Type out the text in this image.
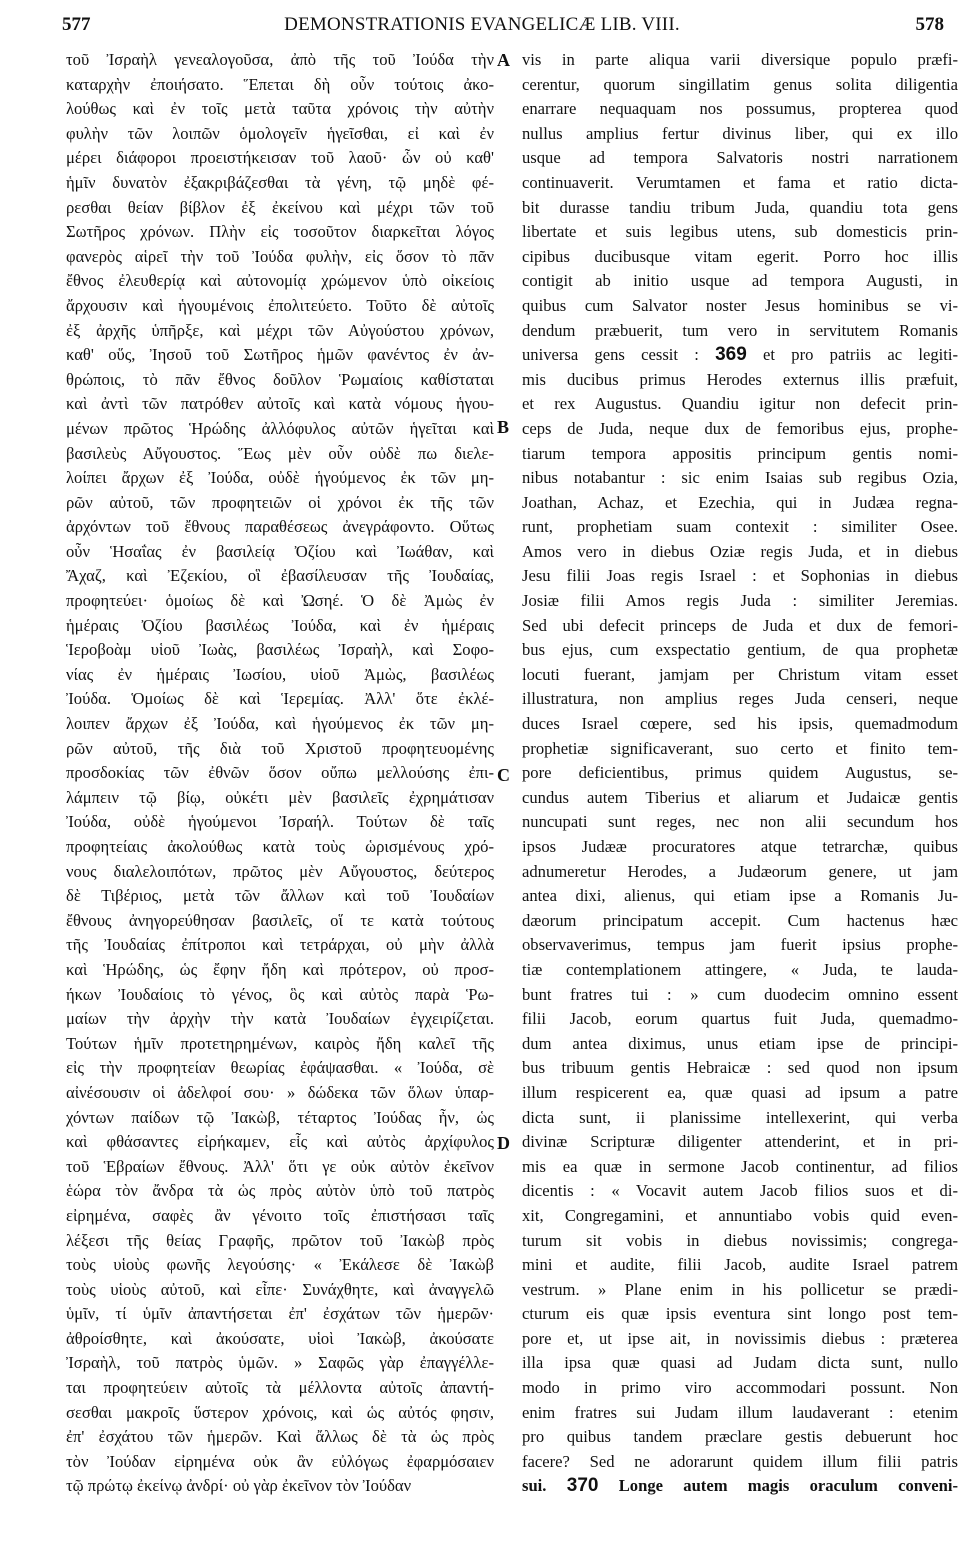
577	DEMONSTRATIONIS EVANGELICÆ LIB. VIII.	578
τοῦ Ἰσραὴλ γενεαλογοῦσα, ἀπὸ τῆς τοῦ Ἰούδα τὴν
καταρχὴν ἐποιήσατο. Ἕπεται δὴ οὖν τούτοις ἀκο-
λούθως καὶ ἐν τοῖς μετὰ ταῦτα χρόνοις τὴν αὐτὴν
φυλὴν τῶν λοιπῶν ὁμολογεῖν ἡγεῖσθαι, εἰ καὶ ἐν
μέρει διάφοροι προειστήκεισαν τοῦ λαοῦ· ὧν οὐ καθ'
ἡμῖν δυνατὸν ἐξακριβάζεσθαι τὰ γένη, τῷ μηδὲ φέ-
ρεσθαι θείαν βίβλον ἐξ ἐκείνου καὶ μέχρι τῶν τοῦ
Σωτῆρος χρόνων. Πλὴν εἰς τοσοῦτον διαρκεῖται λόγος
φανερὸς αἱρεῖ τὴν τοῦ Ἰούδα φυλὴν, εἰς ὅσον τὸ πᾶν
ἔθνος ἐλευθερίᾳ καὶ αὐτονομίᾳ χρώμενον ὑπὸ οἰκείοις
ἄρχουσιν καὶ ἡγουμένοις ἐπολιτεύετο. Τοῦτο δὲ αὐτοῖς
ἐξ ἀρχῆς ὑπῆρξε, καὶ μέχρι τῶν Αὐγούστου χρόνων,
καθ' οὕς, Ἰησοῦ τοῦ Σωτῆρος ἡμῶν φανέντος ἐν ἀν-
θρώποις, τὸ πᾶν ἔθνος δοῦλον Ῥωμαίοις καθίσταται
καὶ ἀντὶ τῶν πατρόθεν αὐτοῖς καὶ κατὰ νόμους ἡγου-
μένων πρῶτος Ἡρώδης ἀλλόφυλος αὐτῶν ἡγεῖται καὶ
βασιλεὺς Αὔγουστος. Ἕως μὲν οὖν οὐδὲ πω διελε-
λοίπει ἄρχων ἐξ Ἰούδα, οὐδὲ ἡγούμενος ἐκ τῶν μη-
ρῶν αὐτοῦ, τῶν προφητειῶν οἱ χρόνοι ἐκ τῆς τῶν
ἀρχόντων τοῦ ἔθνους παραθέσεως ἀνεγράφοντο. Οὕτως
οὖν Ἡσαΐας ἐν βασιλείᾳ Ὀζίου καὶ Ἰωάθαν, καὶ
Ἄχαζ, καὶ Ἐζεκίου, οἳ ἐβασίλευσαν τῆς Ἰουδαίας,
προφητεύει· ὁμοίως δὲ καὶ Ὠσηέ. Ὁ δὲ Ἀμὼς ἐν
ἡμέραις Ὀζίου βασιλέως Ἰούδα, καὶ ἐν ἡμέραις
Ἱεροβοὰμ υἱοῦ Ἰωὰς, βασιλέως Ἰσραὴλ, καὶ Σοφο-
νίας ἐν ἡμέραις Ἰωσίου, υἱοῦ Ἀμὼς, βασιλέως
Ἰούδα. Ὁμοίως δὲ καὶ Ἱερεμίας. Ἀλλ' ὅτε ἐκλέ-
λοιπεν ἄρχων ἐξ Ἰούδα, καὶ ἡγούμενος ἐκ τῶν μη-
ρῶν αὐτοῦ, τῆς διὰ τοῦ Χριστοῦ προφητευομένης
προσδοκίας τῶν ἐθνῶν ὅσον οὔπω μελλούσης ἐπι-
λάμπειν τῷ βίῳ, οὐκέτι μὲν βασιλεῖς ἐχρημάτισαν
Ἰούδα, οὐδὲ ἡγούμενοι Ἰσραήλ. Τούτων δὲ ταῖς
προφητείαις ἀκολούθως κατὰ τοὺς ὡρισμένους χρό-
νους διαλελοιπότων, πρῶτος μὲν Αὔγουστος, δεύτερος
δὲ Τιβέριος, μετὰ τῶν ἄλλων καὶ τοῦ Ἰουδαίων
ἔθνους ἀνηγορεύθησαν βασιλεῖς, οἵ τε κατὰ τούτους
τῆς Ἰουδαίας ἐπίτροποι καὶ τετράρχαι, οὐ μὴν ἀλλὰ
καὶ Ἡρώδης, ὡς ἔφην ἤδη καὶ πρότερον, οὐ προσ-
ήκων Ἰουδαίοις τὸ γένος, ὃς καὶ αὐτὸς παρὰ Ῥω-
μαίων τὴν ἀρχὴν τὴν κατὰ Ἰουδαίων ἐγχειρίζεται.
Τούτων ἡμῖν προτετηρημένων, καιρὸς ἤδη καλεῖ τῆς
εἰς τὴν προφητείαν θεωρίας ἐφάψασθαι. « Ἰούδα, σὲ
αἰνέσουσιν οἱ ἀδελφοί σου· » δώδεκα τῶν ὅλων ὑπαρ-
χόντων παίδων τῷ Ἰακὼβ, τέταρτος Ἰούδας ἦν, ὡς
καὶ φθάσαντες εἰρήκαμεν, εἷς καὶ αὐτὸς ἀρχίφυλος
τοῦ Ἑβραίων ἔθνους. Ἀλλ' ὅτι γε οὐκ αὐτὸν ἐκεῖνον
ἑώρα τὸν ἄνδρα τὰ ὡς πρὸς αὐτὸν ὑπὸ τοῦ πατρὸς
εἰρημένα, σαφὲς ἂν γένοιτο τοῖς ἐπιστήσασι ταῖς
λέξεσι τῆς θείας Γραφῆς, πρῶτον τοῦ Ἰακὼβ πρὸς
τοὺς υἱοὺς φωνῆς λεγούσης· « Ἐκάλεσε δὲ Ἰακὼβ
τοὺς υἱοὺς αὐτοῦ, καὶ εἶπε· Συνάχθητε, καὶ ἀναγγελῶ
ὑμῖν, τί ὑμῖν ἀπαντήσεται ἐπ' ἐσχάτων τῶν ἡμερῶν·
ἀθροίσθητε, καὶ ἀκούσατε, υἱοὶ Ἰακὼβ, ἀκούσατε
Ἰσραὴλ, τοῦ πατρὸς ὑμῶν. » Σαφῶς γὰρ ἐπαγγέλλε-
ται προφητεύειν αὐτοῖς τὰ μέλλοντα αὐτοῖς ἀπαντή-
σεσθαι μακροῖς ὕστερον χρόνοις, καὶ ὡς αὐτός φησιν,
ἐπ' ἐσχάτου τῶν ἡμερῶν. Καὶ ἄλλως δὲ τὰ ὡς πρὸς
τὸν Ἰούδαν εἰρημένα οὐκ ἂν εὐλόγως ἐφαρμόσαιεν
τῷ πρώτῳ ἐκείνῳ ἀνδρί· οὐ γὰρ ἐκεῖνον τὸν Ἰούδαν
vis in parte aliqua varii diversique populo præfi-
cerentur, quorum singillatim genus solita diligentia
enarrare nequaquam nos possumus, propterea quod
nullus amplius fertur divinus liber, qui ex illo
usque ad tempora Salvatoris nostri narrationem
continuaverit. Verumtamen et fama et ratio dicta-
bit durasse tandiu tribum Juda, quandiu tota gens
libertate et suis legibus utens, sub domesticis prin-
cipibus ducibusque vitam egerit. Porro hoc illis
contigit ab initio usque ad tempora Augusti, in
quibus cum Salvator noster Jesus hominibus se vi-
dendum præbuerit, tum vero in servitutem Romanis
universa gens cessit : 369 et pro patriis ac legiti-
mis ducibus primus Herodes externus illis præfuit,
et rex Augustus. Quandiu igitur non defecit prin-
ceps de Juda, neque dux de femoribus ejus, prophe-
tiarum tempora appositis principum gentis nomi-
nibus notabantur : sic enim Isaias sub regibus Ozia,
Joathan, Achaz, et Ezechia, qui in Judæa regna-
runt, prophetiam suam contexit : similiter Osee.
Amos vero in diebus Oziæ regis Juda, et in diebus
Jesu filii Joas regis Israel : et Sophonias in diebus
Josiæ filii Amos regis Juda : similiter Jeremias.
Sed ubi defecit princeps de Juda et dux de femori-
bus ejus, cum exspectatio gentium, de qua prophetæ
locuti fuerant, jamjam per Christum vitam esset
illustratura, non amplius reges Juda censeri, neque
duces Israel cœpere, sed his ipsis, quemadmodum
prophetiæ significaverant, suo certo et finito tem-
pore deficientibus, primus quidem Augustus, se-
cundus autem Tiberius et aliarum et Judaicæ gentis
nuncupati sunt reges, nec non alii secundum hos
ipsos Judææ procuratores atque tetrarchæ, quibus
adnumeretur Herodes, a Judæorum genere, ut jam
antea dixi, alienus, qui etiam ipse a Romanis Ju-
dæorum principatum accepit. Cum hactenus hæc
observaverimus, tempus jam fuerit ipsius prophe-
tiæ contemplationem attingere, « Juda, te lauda-
bunt fratres tui : » cum duodecim omnino essent
filii Jacob, eorum quartus fuit Juda, quemadmo-
dum antea diximus, unus etiam ipse de principi-
bus tribuum gentis Hebraicæ : sed quod non ipsum
illum respicerent ea, quæ quasi ad ipsum a patre
dicta sunt, ii planissime intellexerint, qui verba
divinæ Scripturæ diligenter attenderint, et in pri-
mis ea quæ in sermone Jacob continentur, ad filios
dicentis : « Vocavit autem Jacob filios suos et di-
xit, Congregamini, et annuntiabo vobis quid even-
turum sit vobis in diebus novissimis; congrega-
mini et audite, filii Jacob, audite Israel patrem
vestrum. » Plane enim in his pollicetur se prædi-
cturum eis quæ ipsis eventura sint longo post tem-
pore et, ut ipse ait, in novissimis diebus : præterea
illa ipsa quæ quasi ad Judam dicta sunt, nullo
modo in primo viro accommodari possunt. Non
enim fratres sui Judam illum laudaverant : etenim
pro quibus tandem præclare gestis debuerunt hoc
facere? Sed ne adorarunt quidem illum filii patris
sui. 370 Longe autem magis oraculum conveni-
A
B
C
D
